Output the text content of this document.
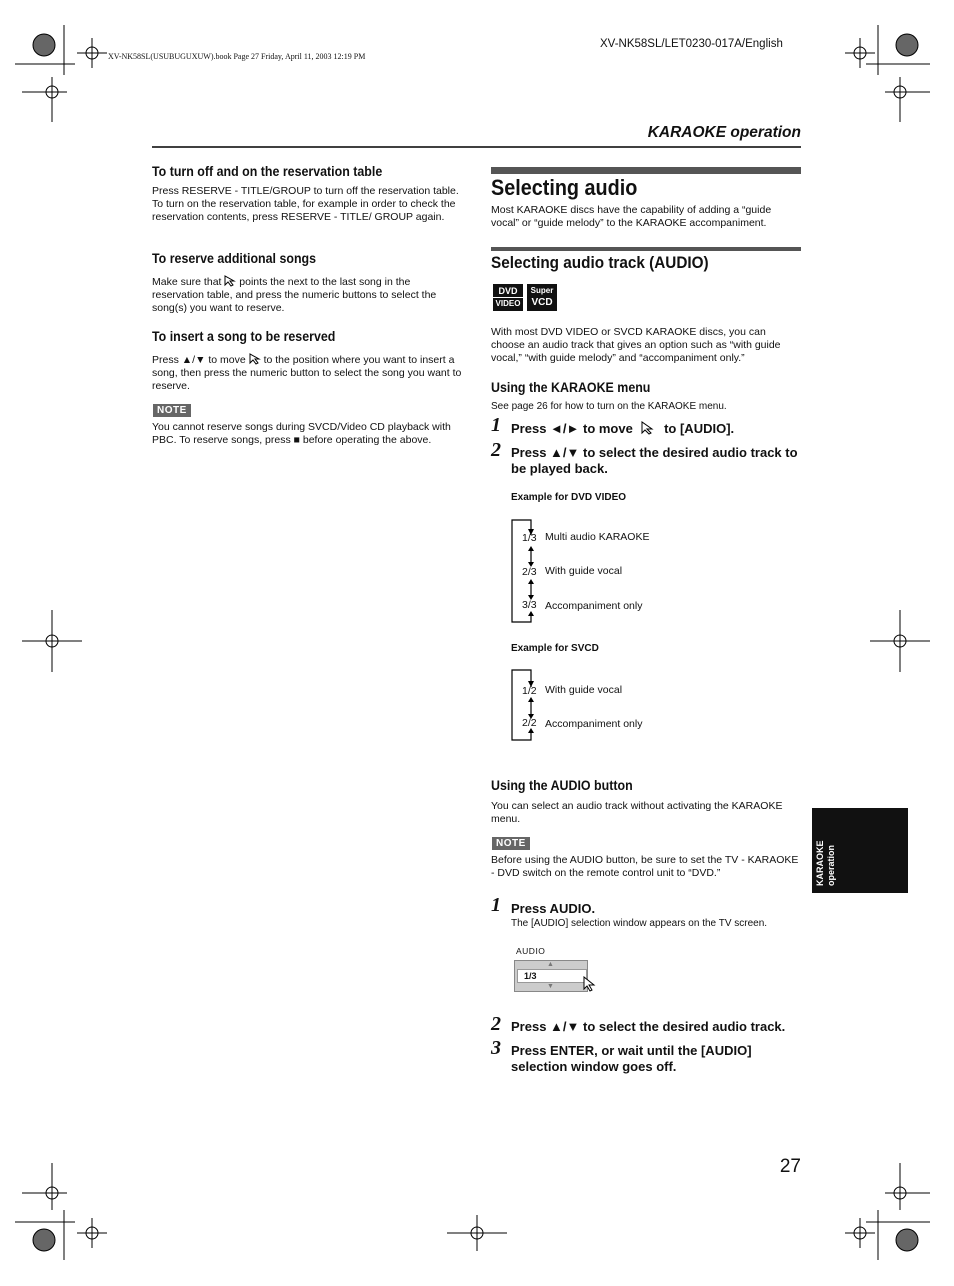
XV-NK58SL(USUBUGUXUW).book Page 27 Friday, April 11, 2003 12:19 PM
XV-NK58SL/LET0230-017A/English
KARAOKE operation
To turn off and on the reservation table
Press RESERVE - TITLE/GROUP to turn off the reservation table. To turn on the reservation table, for example in order to check the reservation contents, press RESERVE - TITLE/ GROUP again.
To reserve additional songs
Make sure that points the next to the last song in the reservation table, and press the numeric buttons to select the song(s) you want to reserve.
To insert a song to be reserved
Press ▲/▼ to move to the position where you want to insert a song, then press the numeric button to select the song you want to reserve.
NOTE
You cannot reserve songs during SVCD/Video CD playback with PBC. To reserve songs, press ■ before operating the above.
Selecting audio
Most KARAOKE discs have the capability of adding a “guide vocal” or “guide melody” to the KARAOKE accompaniment.
Selecting audio track (AUDIO)
DVD
VIDEO
Super
VCD
With most DVD VIDEO or SVCD KARAOKE discs, you can choose an audio track that gives an option such as “with guide vocal,” “with guide melody” and “accompaniment only.”
Using the KARAOKE menu
See page 26 for how to turn on the KARAOKE menu.
1 Press ◄/► to move to [AUDIO].
2 Press ▲/▼ to select the desired audio track to be played back.
Example for DVD VIDEO
1/3 Multi audio KARAOKE
2/3 With guide vocal
3/3 Accompaniment only
Example for SVCD
1/2 With guide vocal
2/2 Accompaniment only
Using the AUDIO button
You can select an audio track without activating the KARAOKE menu.
NOTE
Before using the AUDIO button, be sure to set the TV - KARAOKE - DVD switch on the remote control unit to “DVD.”
1 Press AUDIO.
The [AUDIO] selection window appears on the TV screen.
AUDIO
1/3
▲
▼
2 Press ▲/▼ to select the desired audio track.
3 Press ENTER, or wait until the [AUDIO] selection window goes off.
KARAOKE operation
27
